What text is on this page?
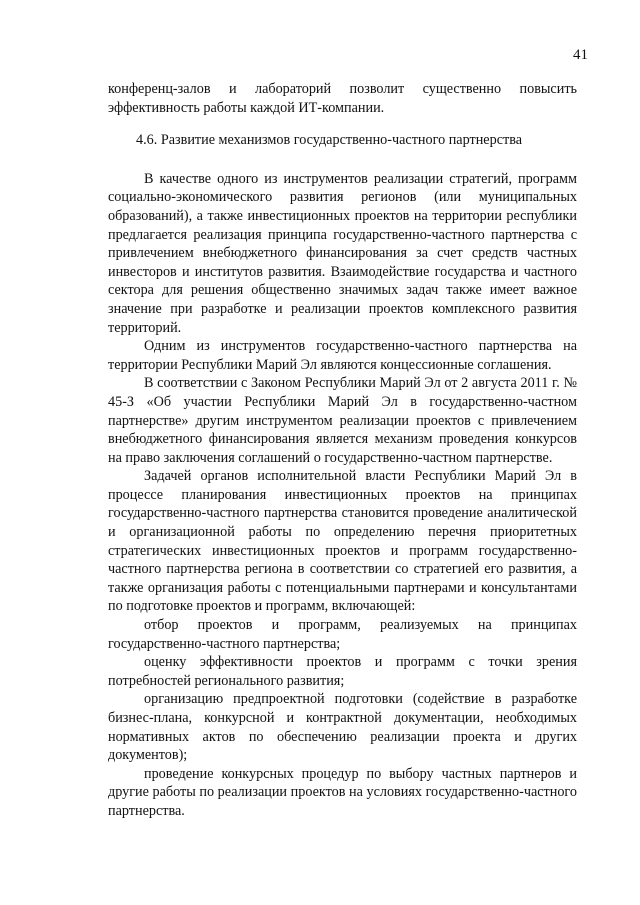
41

конференц-залов и лабораторий позволит существенно повысить эффективность работы каждой ИТ-компании.

4.6. Развитие механизмов государственно-частного партнерства

В качестве одного из инструментов реализации стратегий, программ социально-экономического развития регионов (или муниципальных образований), а также инвестиционных проектов на территории республики предлагается реализация принципа государственно-частного партнерства с привлечением внебюджетного финансирования за счет средств частных инвесторов и институтов развития. Взаимодействие государства и частного сектора для решения общественно значимых задач также имеет важное значение при разработке и реализации проектов комплексного развития территорий.

Одним из инструментов государственно-частного партнерства на территории Республики Марий Эл являются концессионные соглашения.

В соответствии с Законом Республики Марий Эл от 2 августа 2011 г. № 45-З «Об участии Республики Марий Эл в государственно-частном партнерстве» другим инструментом реализации проектов с привлечением внебюджетного финансирования является механизм проведения конкурсов на право заключения соглашений о государственно-частном партнерстве.

Задачей органов исполнительной власти Республики Марий Эл в процессе планирования инвестиционных проектов на принципах государственно-частного партнерства становится проведение аналитической и организационной работы по определению перечня приоритетных стратегических инвестиционных проектов и программ государственно-частного партнерства региона в соответствии со стратегией его развития, а также организация работы с потенциальными партнерами и консультантами по подготовке проектов и программ, включающей:

отбор проектов и программ, реализуемых на принципах государственно-частного партнерства;

оценку эффективности проектов и программ с точки зрения потребностей регионального развития;

организацию предпроектной подготовки (содействие в разработке бизнес-плана, конкурсной и контрактной документации, необходимых нормативных актов по обеспечению реализации проекта и других документов);

проведение конкурсных процедур по выбору частных партнеров и другие работы по реализации проектов на условиях государственно-частного партнерства.
